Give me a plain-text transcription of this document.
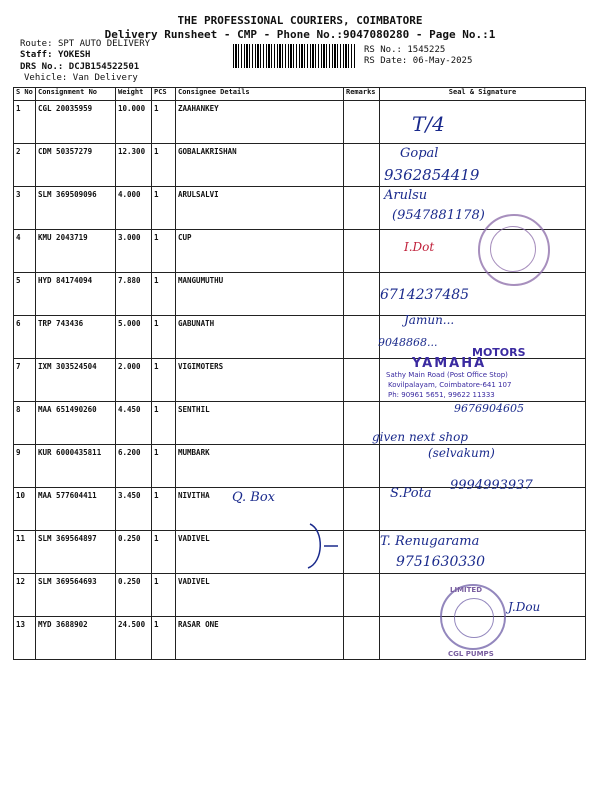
THE PROFESSIONAL COURIERS, COIMBATORE
Delivery Runsheet - CMP - Phone No.:9047080280 - Page No.:1
Route: SPT AUTO DELIVERY
Staff: YOKESH
DRS No.: DCJB154522501
Vehicle: Van Delivery
RS No.: 1545225
RS Date: 06-May-2025
S No	Consignment No	Weight	PCS	Consignee Details	Remarks	Seal & Signature
1	CGL 20035959	10.000	1	ZAAHANKEY		
2	CDM 50357279	12.300	1	GOBALAKRISHAN		
3	SLM 369509096	4.000	1	ARULSALVI		
4	KMU 2043719	3.000	1	CUP		
5	HYD 84174094	7.880	1	MANGUMUTHU		
6	TRP 743436	5.000	1	GABUNATH		
7	IXM 303524504	2.000	1	VIGIMOTERS		
8	MAA 651490260	4.450	1	SENTHIL		
9	KUR 6000435811	6.200	1	MUMBARK		
10	MAA 577604411	3.450	1	NIVITHA		
11	SLM 369564897	0.250	1	VADIVEL		
12	SLM 369564693	0.250	1	VADIVEL		
13	MYD 3688902	24.500	1	RASAR ONE		
T/4
Gopal
9362854419
Arulsu
(9547881178)
I.Dot
6714237485
Jamun...
9048868...
MOTORS
YAMAHA
Sathy Main Road (Post Office Stop)
Kovilpalayam, Coimbatore-641 107
Ph: 90961 5651, 99622 11333
9676904605
given next shop
(selvakum)
Q. Box	S.Pota
9994993937
T. Renugarama
9751630330
LIMITED
CGL PUMPS
J.Dou
